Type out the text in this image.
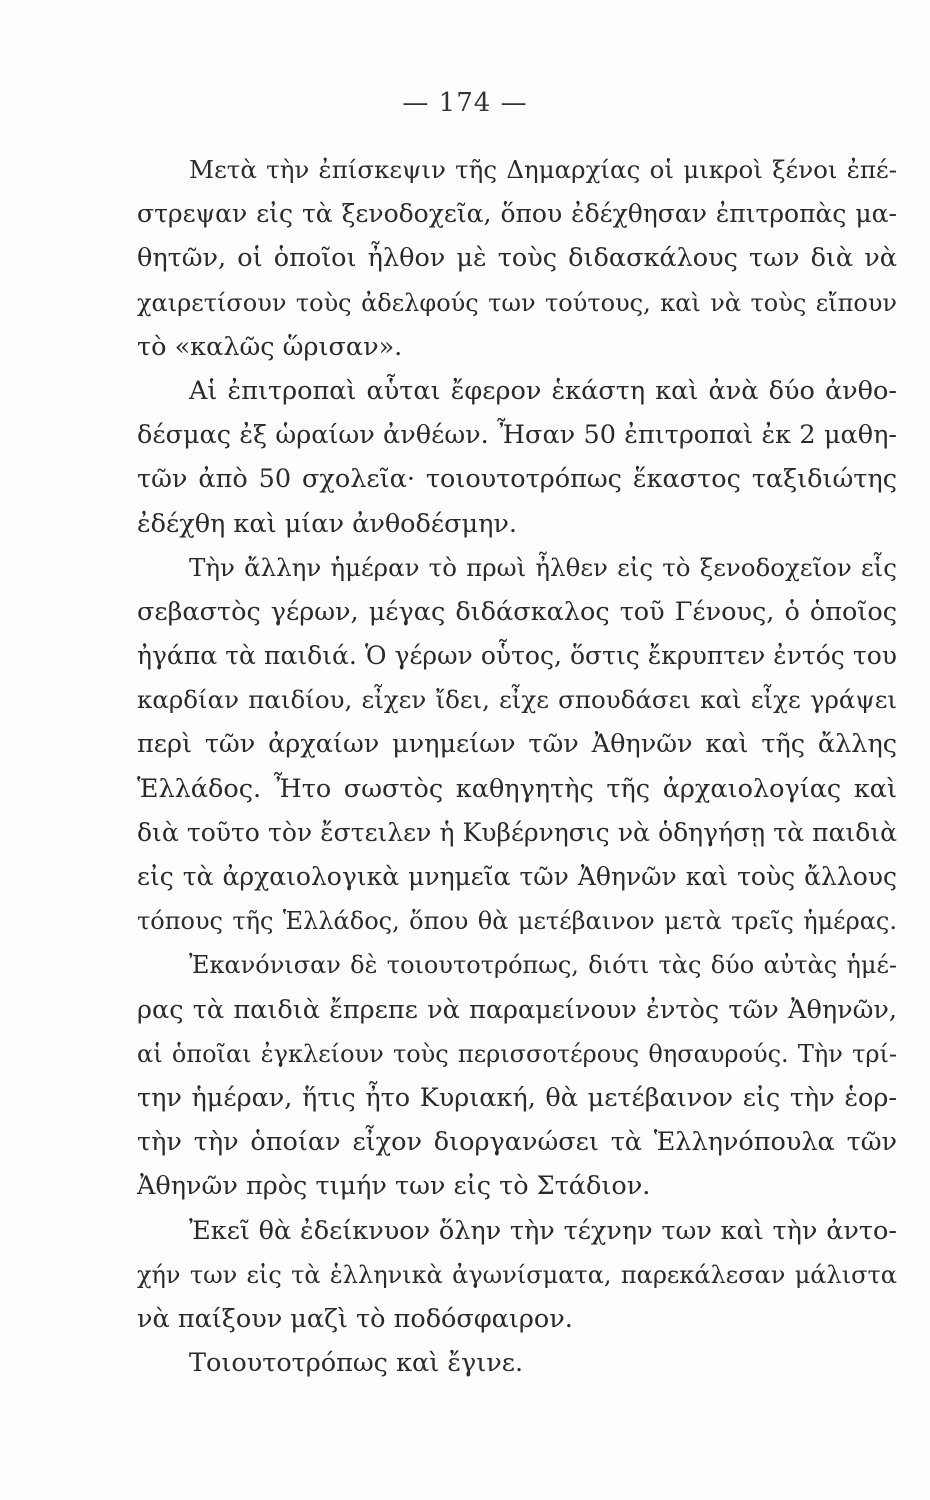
— 174 —
Μετὰ τὴν ἐπίσκεψιν τῆς Δημαρχίας οἱ μικροὶ ξένοι ἐπέ-
στρεψαν εἰς τὰ ξενοδοχεῖα, ὅπου ἐδέχθησαν ἐπιτροπὰς μα-
θητῶν, οἱ ὁποῖοι ἦλθον μὲ τοὺς διδασκάλους των διὰ νὰ
χαιρετίσουν τοὺς ἀδελφούς των τούτους, καὶ νὰ τοὺς εἴπουν
τὸ «καλῶς ὥρισαν».
Αἱ ἐπιτροπαὶ αὗται ἔφερον ἑκάστη καὶ ἀνὰ δύο ἀνθο-
δέσμας ἐξ ὡραίων ἀνθέων. Ἦσαν 50 ἐπιτροπαὶ ἐκ 2 μαθη-
τῶν ἀπὸ 50 σχολεῖα· τοιουτοτρόπως ἕκαστος ταξιδιώτης
ἐδέχθη καὶ μίαν ἀνθοδέσμην.
Τὴν ἄλλην ἡμέραν τὸ πρωὶ ἦλθεν εἰς τὸ ξενοδοχεῖον εἷς
σεβαστὸς γέρων, μέγας διδάσκαλος τοῦ Γένους, ὁ ὁποῖος
ἠγάπα τὰ παιδιά. Ὁ γέρων οὗτος, ὅστις ἔκρυπτεν ἐντός του
καρδίαν παιδίου, εἶχεν ἴδει, εἶχε σπουδάσει καὶ εἶχε γράψει
περὶ τῶν ἀρχαίων μνημείων τῶν Ἀθηνῶν καὶ τῆς ἄλλης
Ἑλλάδος. Ἦτο σωστὸς καθηγητὴς τῆς ἀρχαιολογίας καὶ
διὰ τοῦτο τὸν ἔστειλεν ἡ Κυβέρνησις νὰ ὁδηγήσῃ τὰ παιδιὰ
εἰς τὰ ἀρχαιολογικὰ μνημεῖα τῶν Ἀθηνῶν καὶ τοὺς ἄλλους
τόπους τῆς Ἑλλάδος, ὅπου θὰ μετέβαινον μετὰ τρεῖς ἡμέρας.
Ἐκανόνισαν δὲ τοιουτοτρόπως, διότι τὰς δύο αὐτὰς ἡμέ-
ρας τὰ παιδιὰ ἔπρεπε νὰ παραμείνουν ἐντὸς τῶν Ἀθηνῶν,
αἱ ὁποῖαι ἐγκλείουν τοὺς περισσοτέρους θησαυρούς. Τὴν τρί-
την ἡμέραν, ἥτις ἦτο Κυριακή, θὰ μετέβαινον εἰς τὴν ἑορ-
τὴν τὴν ὁποίαν εἶχον διοργανώσει τὰ Ἑλληνόπουλα τῶν
Ἀθηνῶν πρὸς τιμήν των εἰς τὸ Στάδιον.
Ἐκεῖ θὰ ἐδείκνυον ὅλην τὴν τέχνην των καὶ τὴν ἀντο-
χήν των εἰς τὰ ἑλληνικὰ ἀγωνίσματα, παρεκάλεσαν μάλιστα
νὰ παίξουν μαζὶ τὸ ποδόσφαιρον.
Τοιουτοτρόπως καὶ ἔγινε.
